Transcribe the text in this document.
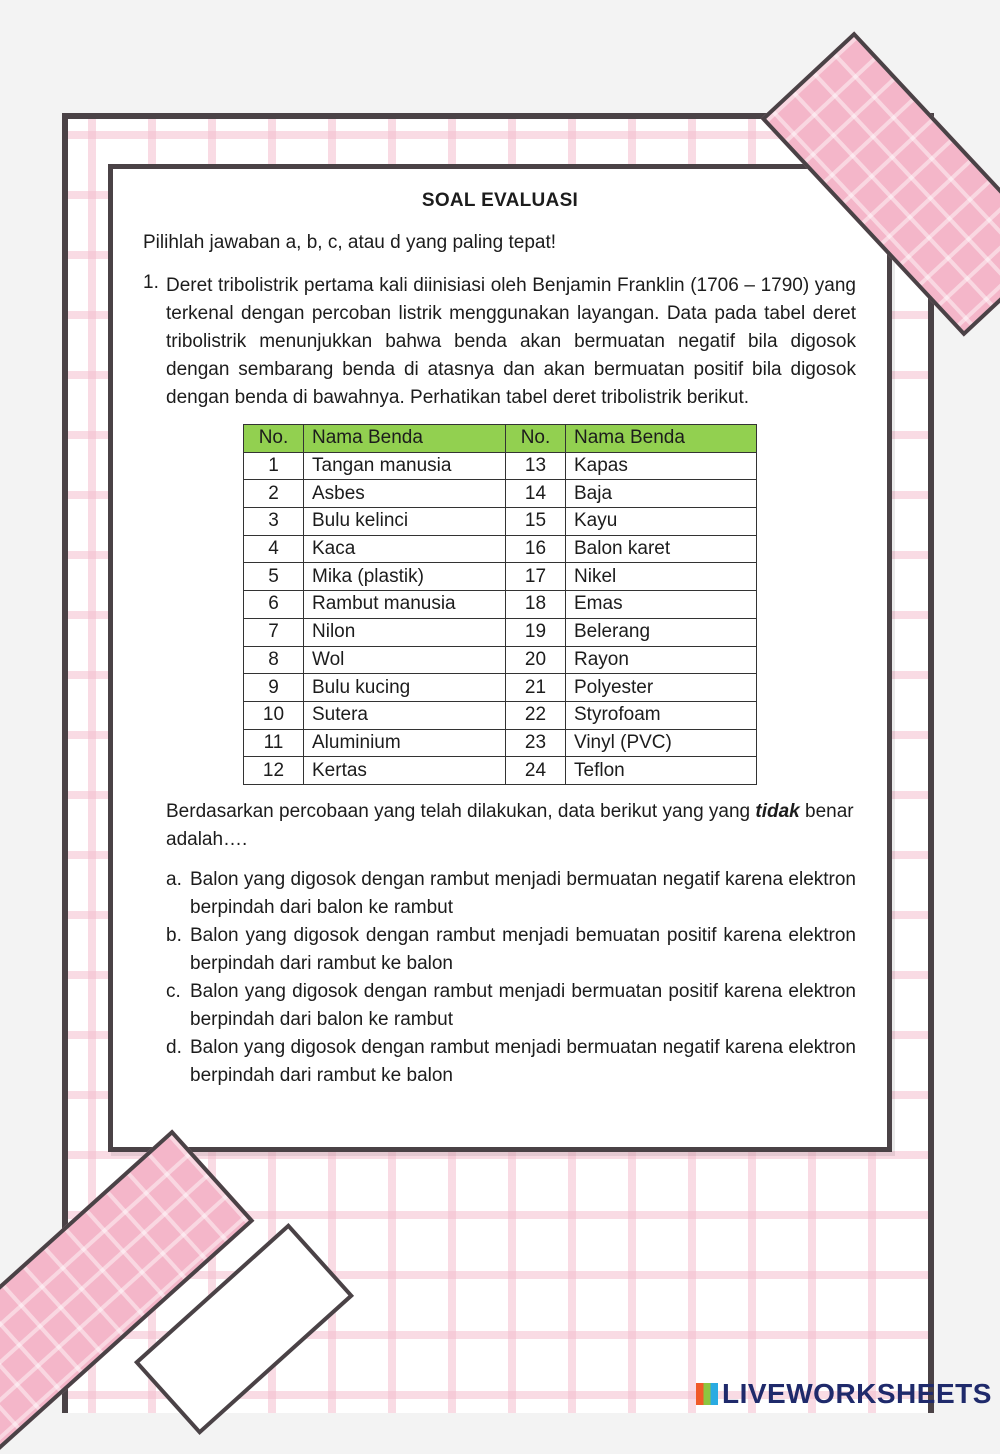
SOAL EVALUASI
Pilihlah jawaban a, b, c, atau d yang paling tepat!
1. Deret tribolistrik pertama kali diinisiasi oleh Benjamin Franklin (1706 – 1790) yang terkenal dengan percoban listrik menggunakan layangan. Data pada tabel deret tribolistrik menunjukkan bahwa benda akan bermuatan negatif bila digosok dengan sembarang benda di atasnya dan akan bermuatan positif bila digosok dengan benda di bawahnya. Perhatikan tabel deret tribolistrik berikut.
No.	Nama Benda	No.	Nama Benda
1	Tangan manusia	13	Kapas
2	Asbes	14	Baja
3	Bulu kelinci	15	Kayu
4	Kaca	16	Balon karet
5	Mika (plastik)	17	Nikel
6	Rambut manusia	18	Emas
7	Nilon	19	Belerang
8	Wol	20	Rayon
9	Bulu kucing	21	Polyester
10	Sutera	22	Styrofoam
11	Aluminium	23	Vinyl (PVC)
12	Kertas	24	Teflon
Berdasarkan percobaan yang telah dilakukan, data berikut yang yang tidak benar adalah….
a. Balon yang digosok dengan rambut menjadi bermuatan negatif karena elektron berpindah dari balon ke rambut
b. Balon yang digosok dengan rambut menjadi bemuatan positif karena elektron berpindah dari rambut ke balon
c. Balon yang digosok dengan rambut menjadi bermuatan positif karena elektron berpindah dari balon ke rambut
d. Balon yang digosok dengan rambut menjadi bermuatan negatif karena elektron berpindah dari rambut ke balon
LIVEWORKSHEETS
